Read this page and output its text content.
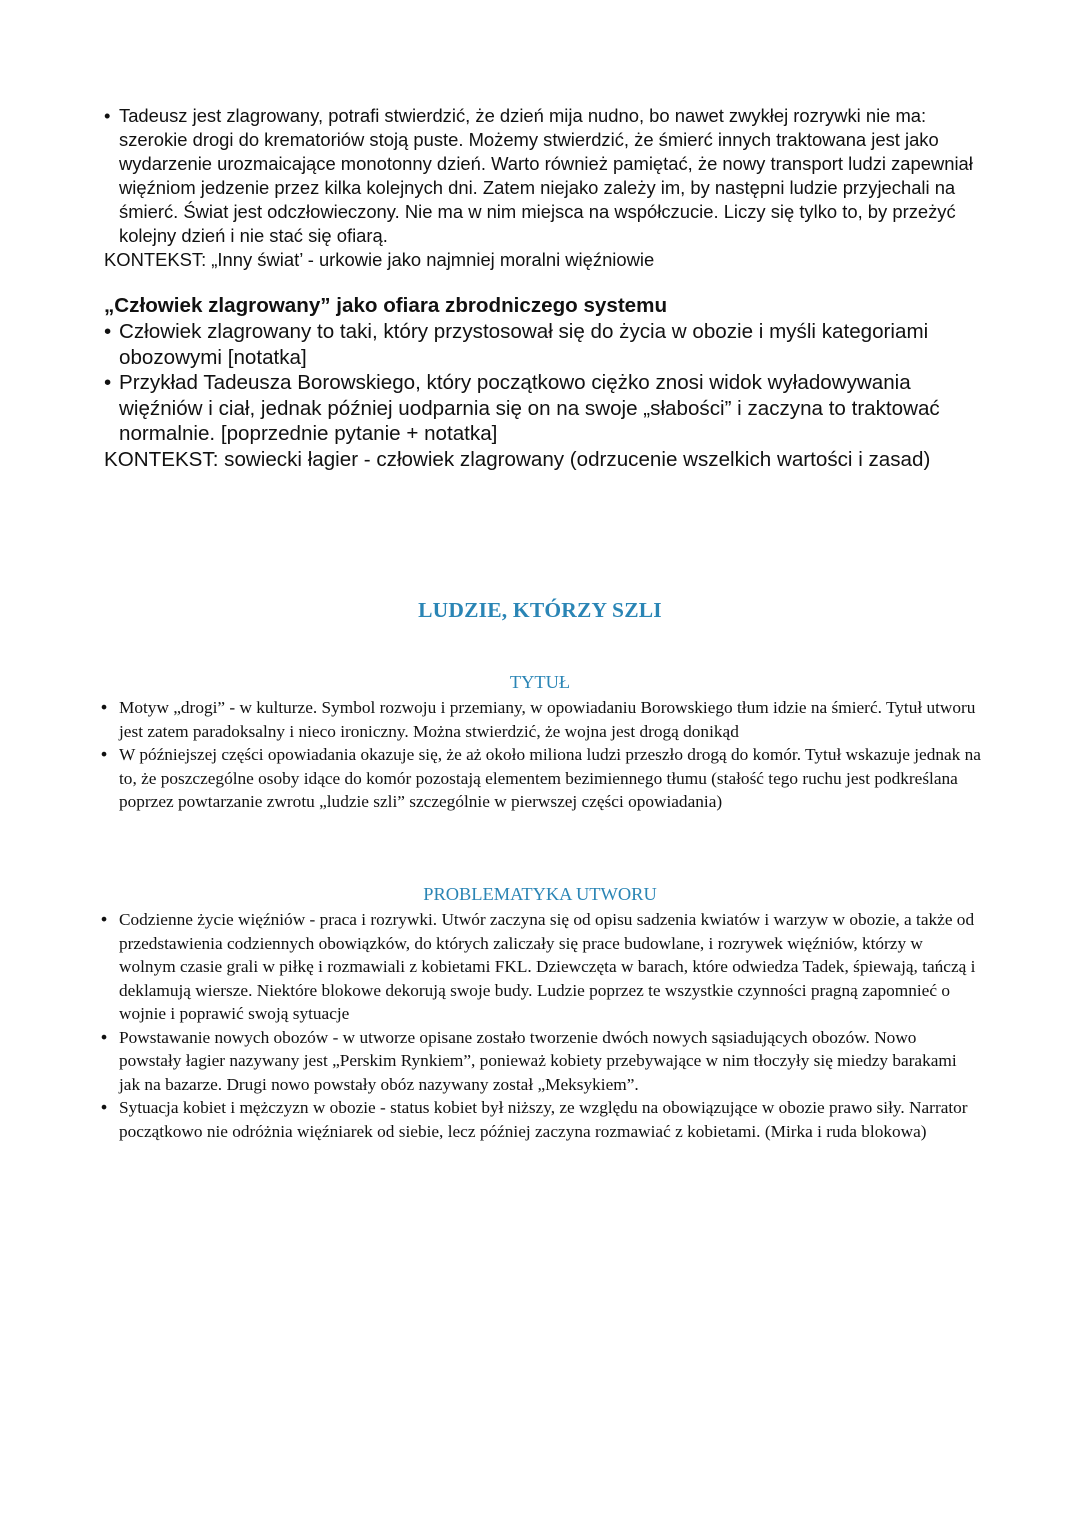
• Tadeusz jest zlagrowany, potrafi stwierdzić, że dzień mija nudno, bo nawet zwykłej rozrywki nie ma: szerokie drogi do krematoriów stoją puste. Możemy stwierdzić, że śmierć innych traktowana jest jako wydarzenie urozmaicające monotonny dzień. Warto również pamiętać, że nowy transport ludzi zapewniał więźniom jedzenie przez kilka kolejnych dni. Zatem niejako zależy im, by następni ludzie przyjechali na śmierć. Świat jest odczłowieczony. Nie ma w nim miejsca na współczucie. Liczy się tylko to, by przeżyć kolejny dzień i nie stać się ofiarą.

KONTEKST: „Inny świat’ - urkowie jako najmniej moralni więźniowie

„Człowiek zlagrowany” jako ofiara zbrodniczego systemu
• Człowiek zlagrowany to taki, który przystosował się do życia w obozie i myśli kategoriami obozowymi [notatka]
• Przykład Tadeusza Borowskiego, który początkowo ciężko znosi widok wyładowywania więźniów i ciał, jednak później uodparnia się on na swoje „słabości” i zaczyna to traktować normalnie. [poprzednie pytanie + notatka]

KONTEKST: sowiecki łagier - człowiek zlagrowany (odrzucenie wszelkich wartości i zasad)

LUDZIE, KTÓRZY SZLI
TYTUŁ
• Motyw „drogi” - w kulturze. Symbol rozwoju i przemiany, w opowiadaniu Borowskiego tłum idzie na śmierć. Tytuł utworu jest zatem paradoksalny i nieco ironiczny. Można stwierdzić, że wojna jest drogą donikąd
• W późniejszej części opowiadania okazuje się, że aż około miliona ludzi przeszło drogą do komór. Tytuł wskazuje jednak na to, że poszczególne osoby idące do komór pozostają elementem bezimiennego tłumu (stałość tego ruchu jest podkreślana poprzez powtarzanie zwrotu „ludzie szli” szczególnie w pierwszej części opowiadania)
PROBLEMATYKA UTWORU
• Codzienne życie więźniów - praca i rozrywki. Utwór zaczyna się od opisu sadzenia kwiatów i warzyw w obozie, a także od przedstawienia codziennych obowiązków, do których zaliczały się prace budowlane, i rozrywek więźniów, którzy w wolnym czasie grali w piłkę i rozmawiali z kobietami FKL. Dziewczęta w barach, które odwiedza Tadek, śpiewają, tańczą i deklamują wiersze. Niektóre blokowe dekorują swoje budy. Ludzie poprzez te wszystkie czynności pragną zapomnieć o wojnie i poprawić swoją sytuacje
• Powstawanie nowych obozów - w utworze opisane zostało tworzenie dwóch nowych sąsiadujących obozów. Nowo powstały łagier nazywany jest „Perskim Rynkiem”, ponieważ kobiety przebywające w nim tłoczyły się miedzy barakami jak na bazarze. Drugi nowo powstały obóz nazywany został „Meksykiem”.
• Sytuacja kobiet i mężczyzn w obozie - status kobiet był niższy, ze względu na obowiązujące w obozie prawo siły. Narrator początkowo nie odróżnia więźniarek od siebie, lecz później zaczyna rozmawiać z kobietami. (Mirka i ruda blokowa)
